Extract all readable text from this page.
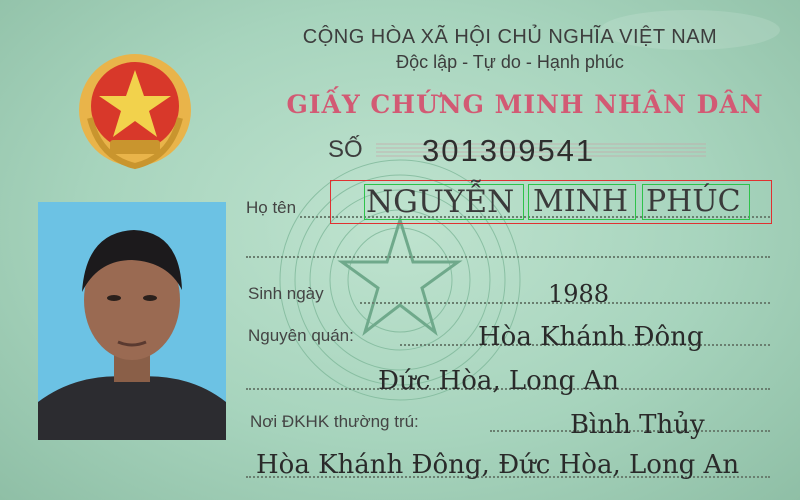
CỘNG HÒA XÃ HỘI CHỦ NGHĨA VIỆT NAM
Độc lập - Tự do - Hạnh phúc
GIẤY CHỨNG MINH NHÂN DÂN
SỐ 301309541
Họ tên NGUYỄN MINH PHÚC
Sinh ngày	1988
Nguyên quán:	Hòa Khánh Đông
Đức Hòa, Long An
Nơi ĐKHK thường trú:	Bình Thủy
Hòa Khánh Đông, Đức Hòa, Long An
